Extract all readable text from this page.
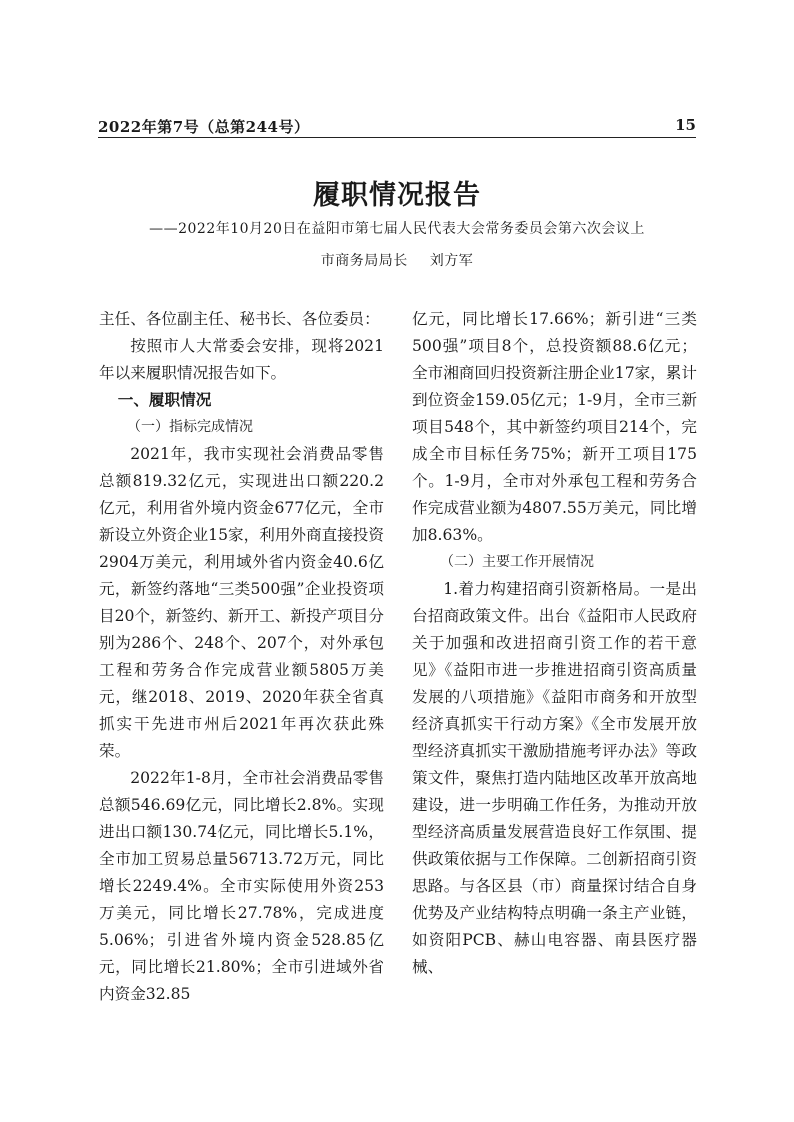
2022年第7号（总第244号）	15
履职情况报告
——2022年10月20日在益阳市第七届人民代表大会常务委员会第六次会议上
市商务局局长 刘方军

主任、各位副主任、秘书长、各位委员：

按照市人大常委会安排，现将2021年以来履职情况报告如下。

一、履职情况

（一）指标完成情况

2021年，我市实现社会消费品零售总额819.32亿元，实现进出口额220.2亿元，利用省外境内资金677亿元，全市新设立外资企业15家，利用外商直接投资2904万美元，利用域外省内资金40.6亿元，新签约落地“三类500强”企业投资项目20个，新签约、新开工、新投产项目分别为286个、248个、207个，对外承包工程和劳务合作完成营业额5805万美元，继2018、2019、2020年获全省真抓实干先进市州后2021年再次获此殊荣。

2022年1-8月，全市社会消费品零售总额546.69亿元，同比增长2.8%。实现进出口额130.74亿元，同比增长5.1%，全市加工贸易总量56713.72万元，同比增长2249.4%。全市实际使用外资253万美元，同比增长27.78%，完成进度5.06%；引进省外境内资金528.85亿元，同比增长21.80%；全市引进域外省内资金32.85

亿元，同比增长17.66%；新引进“三类500强”项目8个，总投资额88.6亿元；全市湘商回归投资新注册企业17家，累计到位资金159.05亿元；1-9月，全市三新项目548个，其中新签约项目214个，完成全市目标任务75%；新开工项目175个。1-9月，全市对外承包工程和劳务合作完成营业额为4807.55万美元，同比增加8.63%。

（二）主要工作开展情况

1.着力构建招商引资新格局。一是出台招商政策文件。出台《益阳市人民政府关于加强和改进招商引资工作的若干意见》《益阳市进一步推进招商引资高质量发展的八项措施》《益阳市商务和开放型经济真抓实干行动方案》《全市发展开放型经济真抓实干激励措施考评办法》等政策文件，聚焦打造内陆地区改革开放高地建设，进一步明确工作任务，为推动开放型经济高质量发展营造良好工作氛围、提供政策依据与工作保障。二创新招商引资思路。与各区县（市）商量探讨结合自身优势及产业结构特点明确一条主产业链，如资阳PCB、赫山电容器、南县医疗器械、
